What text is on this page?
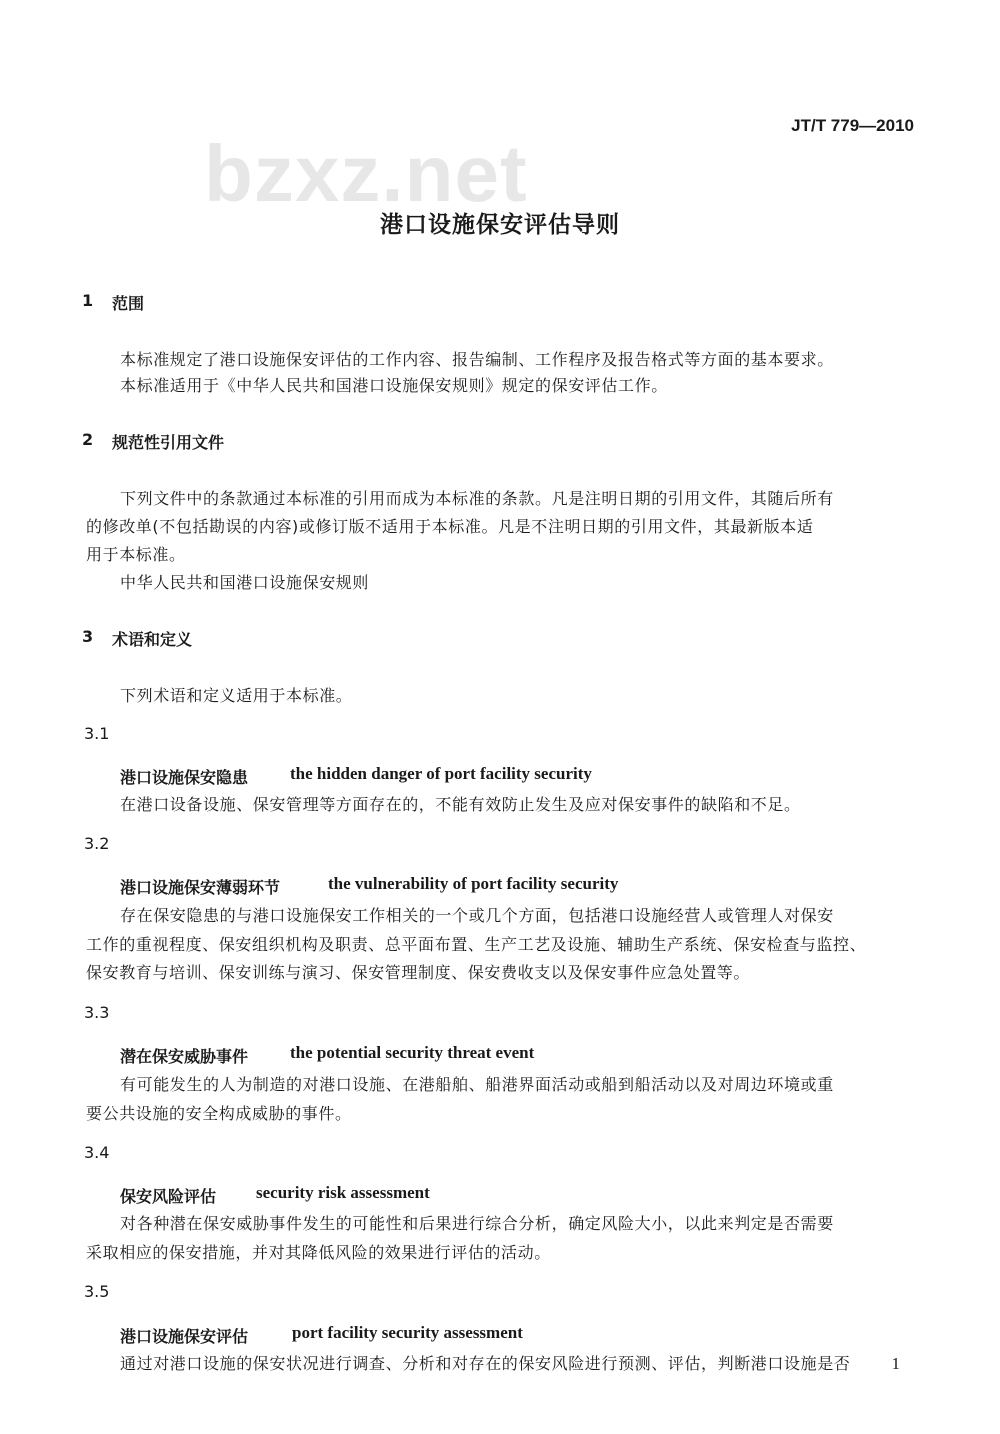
JT/T 779—2010
bzxz.net
港口设施保安评估导则
1 范围
本标准规定了港口设施保安评估的工作内容、报告编制、工作程序及报告格式等方面的基本要求。
本标准适用于《中华人民共和国港口设施保安规则》规定的保安评估工作。
2 规范性引用文件
下列文件中的条款通过本标准的引用而成为本标准的条款。凡是注明日期的引用文件，其随后所有
的修改单(不包括勘误的内容)或修订版不适用于本标准。凡是不注明日期的引用文件，其最新版本适
用于本标准。
中华人民共和国港口设施保安规则
3 术语和定义
下列术语和定义适用于本标准。
3.1
港口设施保安隐患 the hidden danger of port facility security
在港口设备设施、保安管理等方面存在的，不能有效防止发生及应对保安事件的缺陷和不足。
3.2
港口设施保安薄弱环节	the vulnerability of port facility security
存在保安隐患的与港口设施保安工作相关的一个或几个方面，包括港口设施经营人或管理人对保安
工作的重视程度、保安组织机构及职责、总平面布置、生产工艺及设施、辅助生产系统、保安检查与监控、
保安教育与培训、保安训练与演习、保安管理制度、保安费收支以及保安事件应急处置等。
3.3
潜在保安威胁事件 the potential security threat event
有可能发生的人为制造的对港口设施、在港船舶、船港界面活动或船到船活动以及对周边环境或重
要公共设施的安全构成威胁的事件。
3.4
保安风险评估 security risk assessment
对各种潜在保安威胁事件发生的可能性和后果进行综合分析，确定风险大小，以此来判定是否需要
采取相应的保安措施，并对其降低风险的效果进行评估的活动。
3.5
港口设施保安评估	port facility security assessment
通过对港口设施的保安状况进行调查、分析和对存在的保安风险进行预测、评估，判断港口设施是否 1
